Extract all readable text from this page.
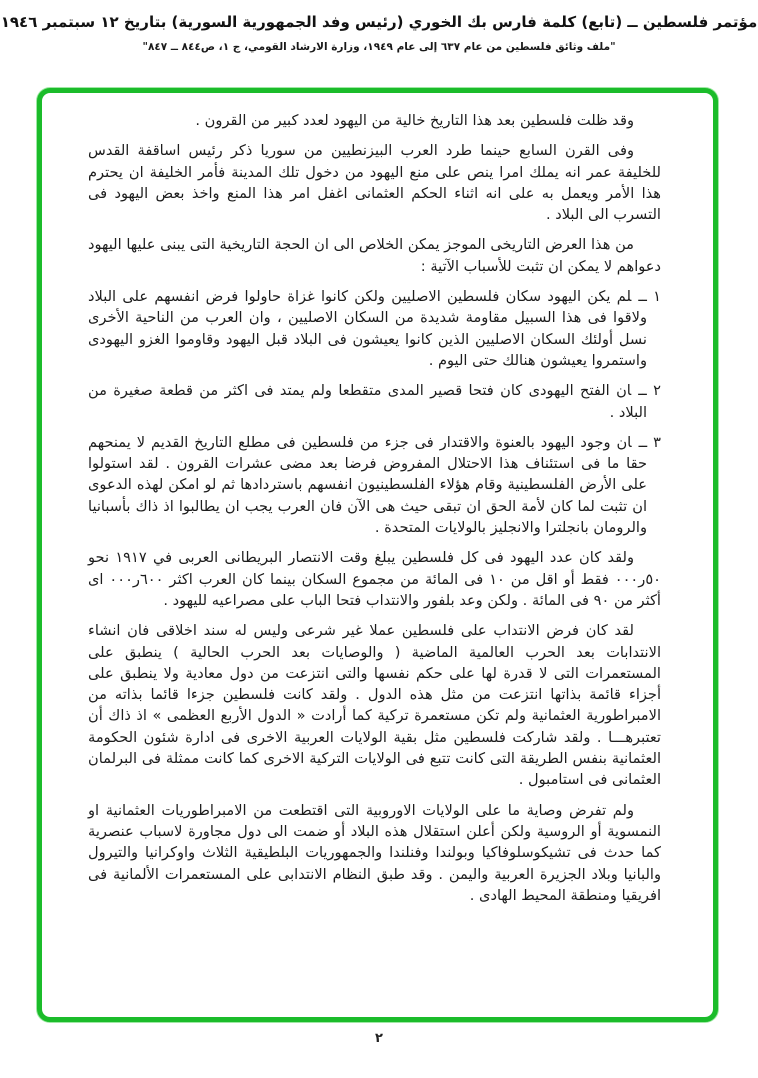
مؤتمر فلسطين ــ (تابع) كلمة فارس بك الخوري (رئيس وفد الجمهورية السورية) بتاريخ ١٢ سبتمبر ١٩٤٦
"ملف وثائق فلسطين من عام ٦٣٧ إلى عام ١٩٤٩، وزارة الارشاد القومي، ج ١، ص٨٤٤ ــ ٨٤٧"

وقد ظلت فلسطين بعد هذا التاريخ خالية من اليهود لعدد كبير من القرون .

وفى القرن السابع حينما طرد العرب البيزنطيين من سوريا ذكر رئيس اساقفة القدس للخليفة عمر انه يملك امرا ينص على منع اليهود من دخول تلك المدينة فأمر الخليفة ان يحترم هذا الأمر ويعمل به على انه اثناء الحكم العثمانى اغفل امر هذا المنع واخذ بعض اليهود فى التسرب الى البلاد .

من هذا العرض التاريخى الموجز يمكن الخلاص الى ان الحجة التاريخية التى يبنى عليها اليهود دعواهم لا يمكن ان تثبت للأسباب الآتية :

١ ــلم يكن اليهود سكان فلسطين الاصليين ولكن كانوا غزاة حاولوا فرض انفسهم على البلاد ولاقوا فى هذا السبيل مقاومة شديدة من السكان الاصليين ، وان العرب من الناحية الأخرى نسل أولئك السكان الاصليين الذين كانوا يعيشون فى البلاد قبل اليهود وقاوموا الغزو اليهودى واستمروا يعيشون هنالك حتى اليوم .

٢ ــان الفتح اليهودى كان فتحا قصير المدى متقطعا ولم يمتد فى اكثر من قطعة صغيرة من البلاد .

٣ ــان وجود اليهود بالعنوة والاقتدار فى جزء من فلسطين فى مطلع التاريخ القديم لا يمنحهم حقا ما فى استئناف هذا الاحتلال المفروض فرضا بعد مضى عشرات القرون . لقد استولوا على الأرض الفلسطينية وقام هؤلاء الفلسطينيون انفسهم باستردادها ثم لو امكن لهذه الدعوى ان تثبت لما كان لأمة الحق ان تبقى حيث هى الآن فان العرب يجب ان يطالبوا اذ ذاك بأسبانيا والرومان بانجلترا والانجليز بالولايات المتحدة .

ولقد كان عدد اليهود فى كل فلسطين يبلغ وقت الانتصار البريطانى العربى في ١٩١٧ نحو ٥٠ر٠٠٠ فقط أو اقل من ١٠ فى المائة من مجموع السكان بينما كان العرب اكثر ٦٠٠ر٠٠٠ اى أكثر من ٩٠ فى المائة . ولكن وعد بلفور والانتداب فتحا الباب على مصراعيه لليهود .

لقد كان فرض الانتداب على فلسطين عملا غير شرعى وليس له سند اخلاقى فان انشاء الانتدابات بعد الحرب العالمية الماضية ( والوصايات بعد الحرب الحالية ) ينطبق على المستعمرات التى لا قدرة لها على حكم نفسها والتى انتزعت من دول معادية ولا ينطبق على أجزاء قائمة بذاتها انتزعت من مثل هذه الدول . ولقد كانت فلسطين جزءا قائما بذاته من الامبراطورية العثمانية ولم تكن مستعمرة تركية كما أرادت « الدول الأربع العظمى » اذ ذاك أن تعتبرهـــا . ولقد شاركت فلسطين مثل بقية الولايات العربية الاخرى فى ادارة شئون الحكومة العثمانية بنفس الطريقة التى كانت تتبع فى الولايات التركية الاخرى كما كانت ممثلة فى البرلمان العثمانى فى استامبول .

ولم تفرض وصاية ما على الولايات الاوروبية التى اقتطعت من الامبراطوريات العثمانية او النمسوية أو الروسية ولكن أعلن استقلال هذه البلاد أو ضمت الى دول مجاورة لاسباب عنصرية كما حدث فى تشيكوسلوفاكيا وبولندا وفنلندا والجمهوريات البلطيقية الثلاث واوكرانيا والتيرول والبانيا وبلاد الجزيرة العربية واليمن . وقد طبق النظام الانتدابى على المستعمرات الألمانية فى افريقيا ومنطقة المحيط الهادى .

٢
